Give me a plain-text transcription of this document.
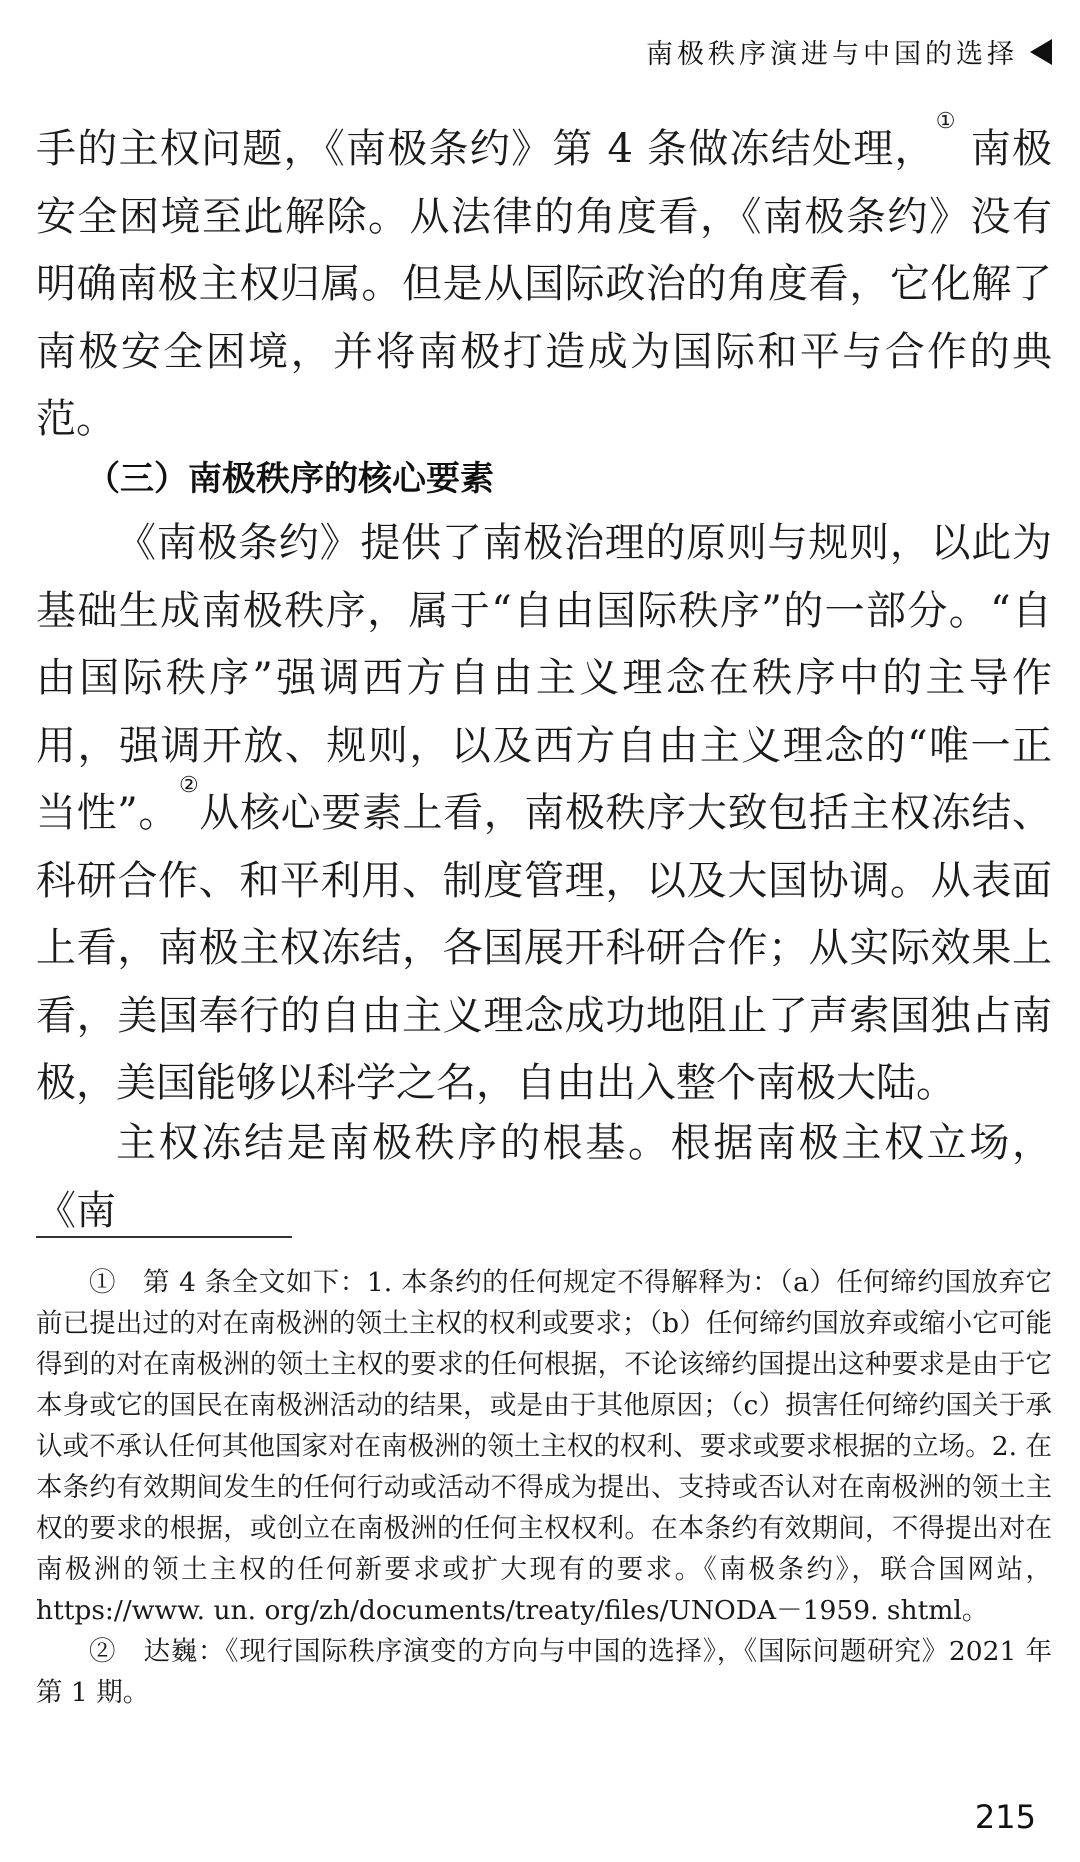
南极秩序演进与中国的选择
手的主权问题，《南极条约》第 4 条做冻结处理，① 南极安全困境至此解除。从法律的角度看，《南极条约》没有明确南极主权归属。但是从国际政治的角度看，它化解了南极安全困境，并将南极打造成为国际和平与合作的典范。
（三）南极秩序的核心要素
《南极条约》提供了南极治理的原则与规则，以此为基础生成南极秩序，属于“自由国际秩序”的一部分。“自由国际秩序”强调西方自由主义理念在秩序中的主导作用，强调开放、规则，以及西方自由主义理念的“唯一正当性”。②从核心要素上看，南极秩序大致包括主权冻结、科研合作、和平利用、制度管理，以及大国协调。从表面上看，南极主权冻结，各国展开科研合作；从实际效果上看，美国奉行的自由主义理念成功地阻止了声索国独占南极，美国能够以科学之名，自由出入整个南极大陆。
主权冻结是南极秩序的根基。根据南极主权立场，《南

①　第 4 条全文如下：1. 本条约的任何规定不得解释为：（a）任何缔约国放弃它前已提出过的对在南极洲的领土主权的权利或要求；（b）任何缔约国放弃或缩小它可能得到的对在南极洲的领土主权的要求的任何根据，不论该缔约国提出这种要求是由于它本身或它的国民在南极洲活动的结果，或是由于其他原因；（c）损害任何缔约国关于承认或不承认任何其他国家对在南极洲的领土主权的权利、要求或要求根据的立场。2. 在本条约有效期间发生的任何行动或活动不得成为提出、支持或否认对在南极洲的领土主权的要求的根据，或创立在南极洲的任何主权权利。在本条约有效期间，不得提出对在南极洲的领土主权的任何新要求或扩大现有的要求。《南极条约》，联合国网站，https://www. un. org/zh/documents/treaty/files/UNODA－1959. shtml。

②　达巍：《现行国际秩序演变的方向与中国的选择》，《国际问题研究》2021 年第 1 期。

215
